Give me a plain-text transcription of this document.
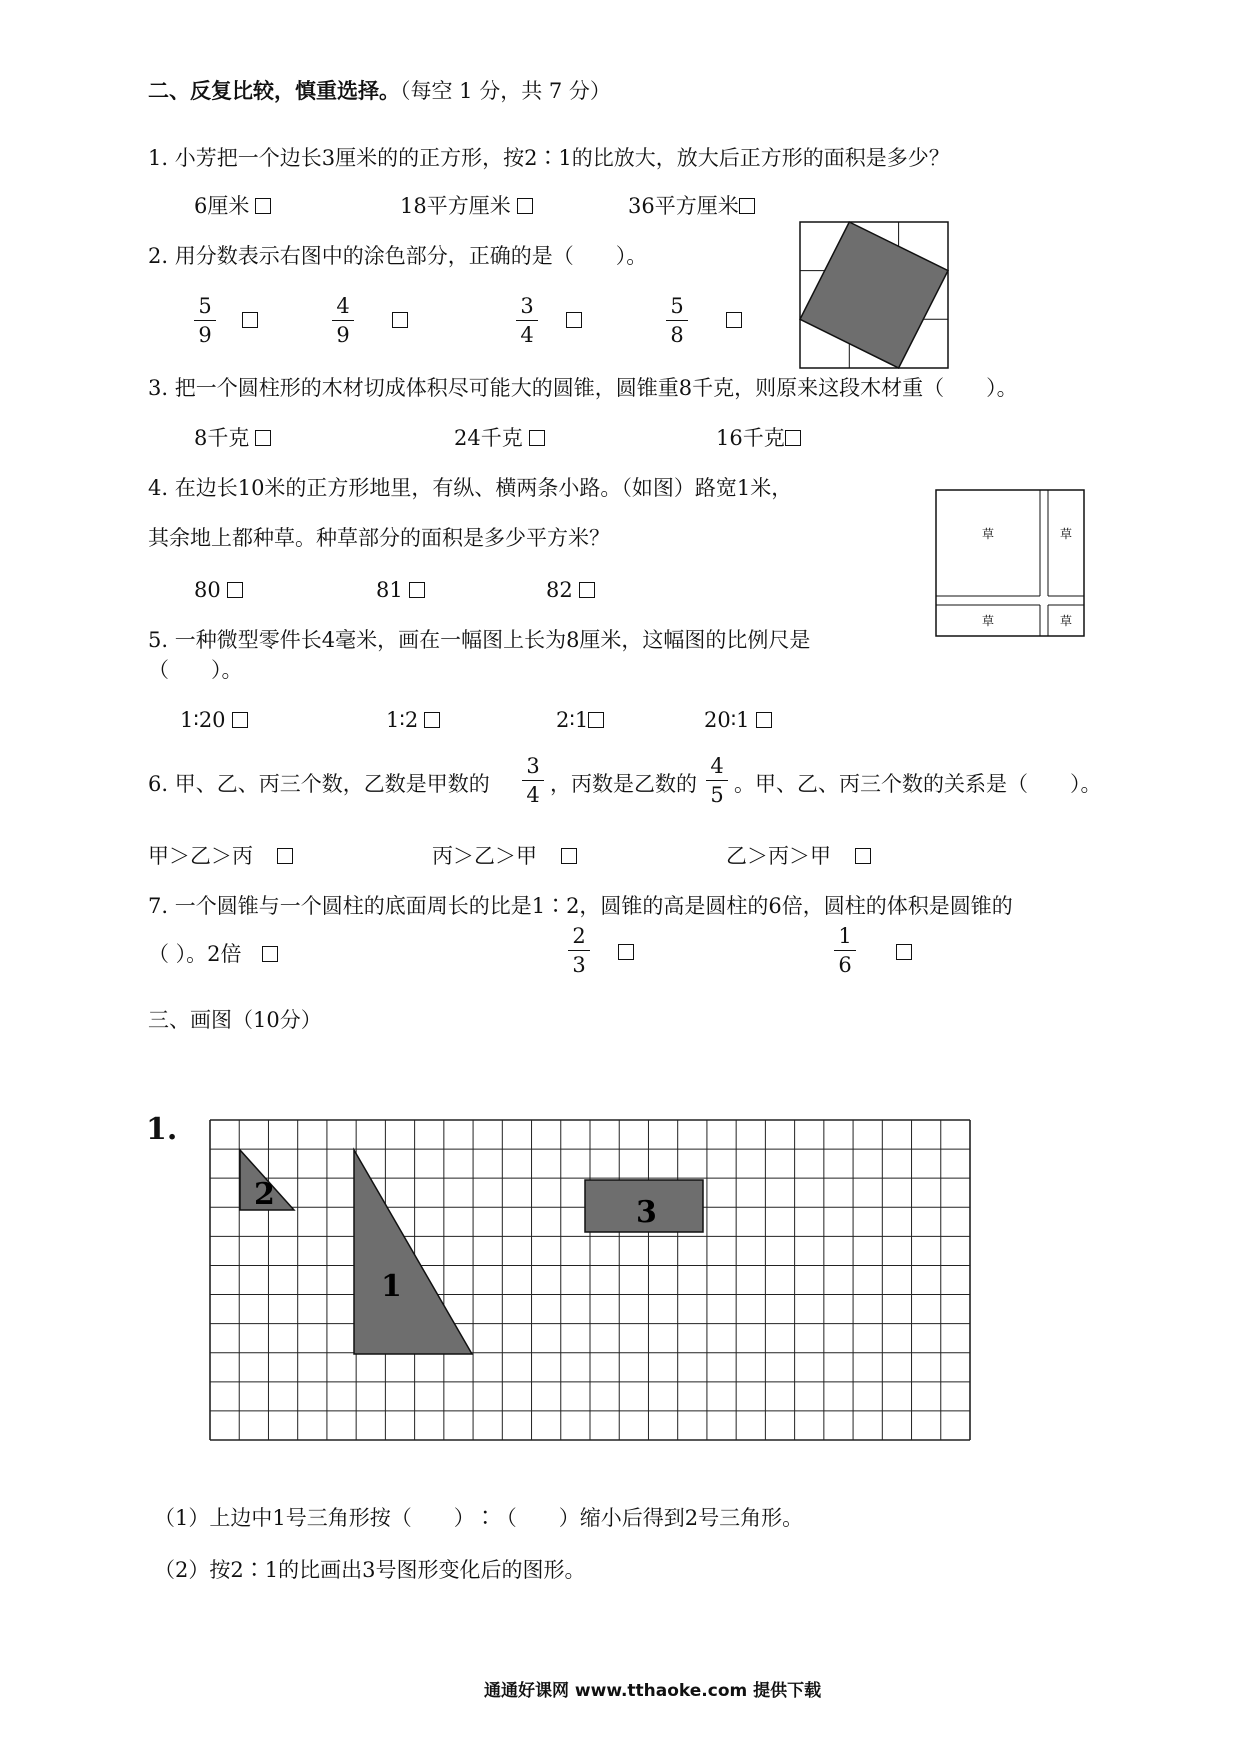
二、反复比较，慎重选择。（每空 1 分，共 7 分）
1. 小芳把一个边长3厘米的的正方形，按2∶1的比放大，放大后正方形的面积是多少？
6厘米	18平方厘米	36平方厘米
2. 用分数表示右图中的涂色部分，正确的是（　　）。
5
9
4
9
3
4
5
8
3. 把一个圆柱形的木材切成体积尽可能大的圆锥，圆锥重8千克，则原来这段木材重（　　）。
8千克	24千克	16千克
4. 在边长10米的正方形地里，有纵、横两条小路。（如图）路宽1米，
其余地上都种草。种草部分的面积是多少平方米？
80	81	82
草	草
草	草
5. 一种微型零件长4毫米，画在一幅图上长为8厘米，这幅图的比例尺是
（　　）。
1∶20	1∶2	2∶1	20∶1
6. 甲、乙、丙三个数，乙数是甲数的
3
4 ，丙数是乙数的
4
5 。甲、乙、丙三个数的关系是（　　）。
甲＞乙＞丙	丙＞乙＞甲	乙＞丙＞甲
7. 一个圆锥与一个圆柱的底面周长的比是1∶2，圆锥的高是圆柱的6倍，圆柱的体积是圆锥的
（ ）。2倍
2
3
1
6
三、画图（10分）
1.
2
1
3
（1）上边中1号三角形按（　　）∶（　　）缩小后得到2号三角形。
（2）按2∶1的比画出3号图形变化后的图形。
通通好课网 www.tthaoke.com 提供下载
